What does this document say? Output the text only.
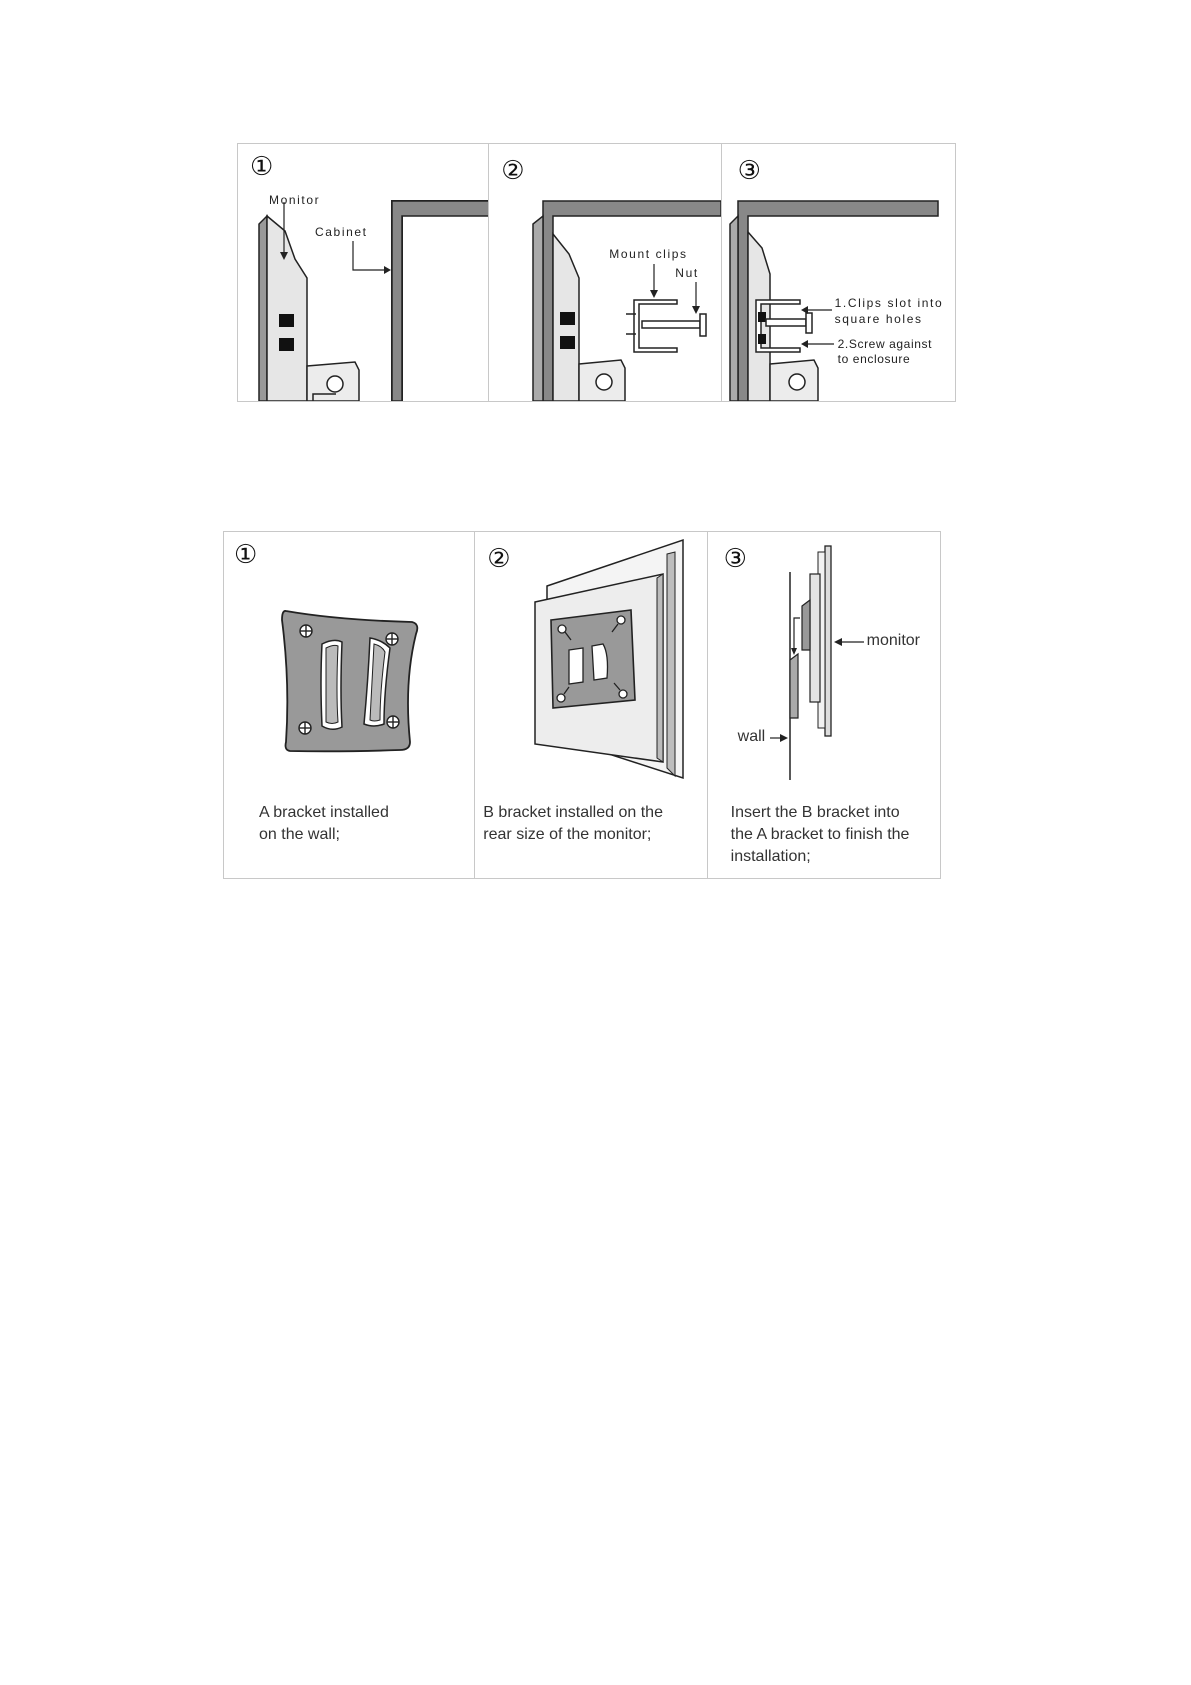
①
Monitor
Cabinet
②
Mount clips
Nut
③
1.Clips slot into
square holes
2.Screw against
to enclosure
①
A bracket installed
on the wall;
②
B bracket installed on the
rear size of the monitor;
③
monitor
wall
Insert the B bracket into
the A bracket to finish the
installation;
